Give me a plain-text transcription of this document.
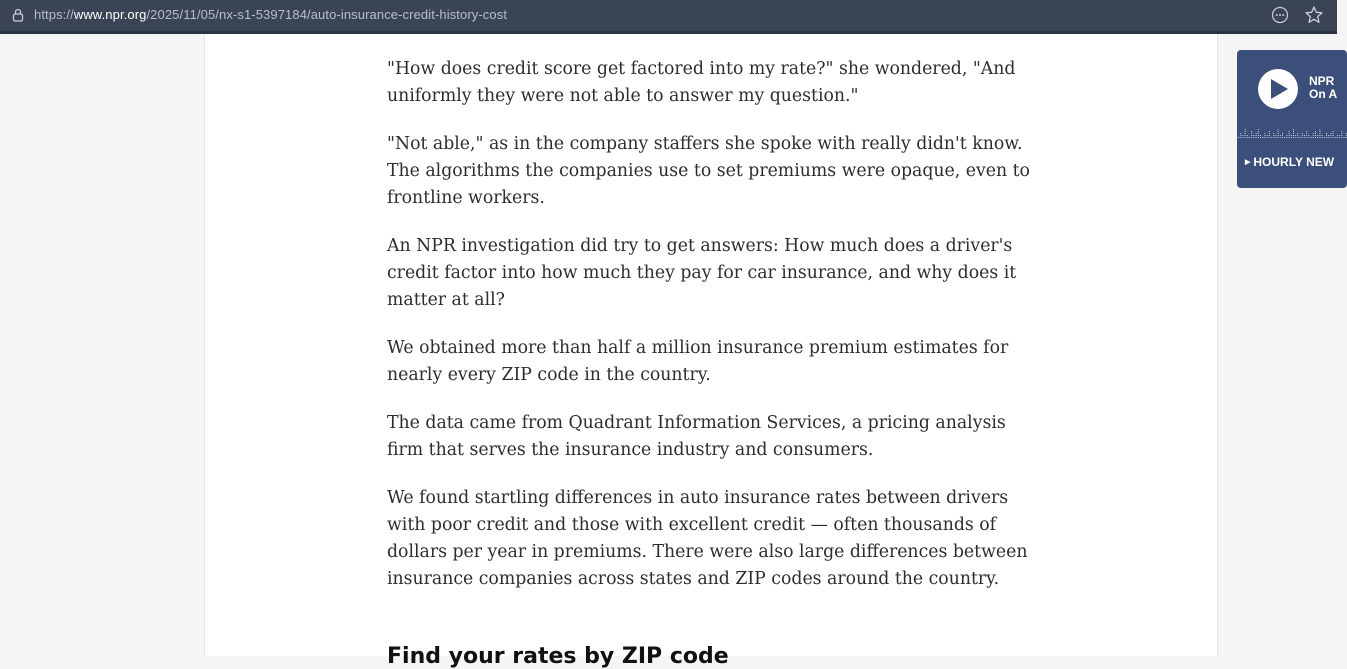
https://www.npr.org/2025/11/05/nx-s1-5397184/auto-insurance-credit-history-cost

"How does credit score get factored into my rate?" she wondered, "And uniformly they were not able to answer my question."

"Not able," as in the company staffers she spoke with really didn't know. The algorithms the companies use to set premiums were opaque, even to frontline workers.

An NPR investigation did try to get answers: How much does a driver's credit factor into how much they pay for car insurance, and why does it matter at all?

We obtained more than half a million insurance premium estimates for nearly every ZIP code in the country.

The data came from Quadrant Information Services, a pricing analysis firm that serves the insurance industry and consumers.

We found startling differences in auto insurance rates between drivers with poor credit and those with excellent credit — often thousands of dollars per year in premiums. There were also large differences between insurance companies across states and ZIP codes around the country.

Find your rates by ZIP code
NPR
On A
▶ HOURLY NEW
